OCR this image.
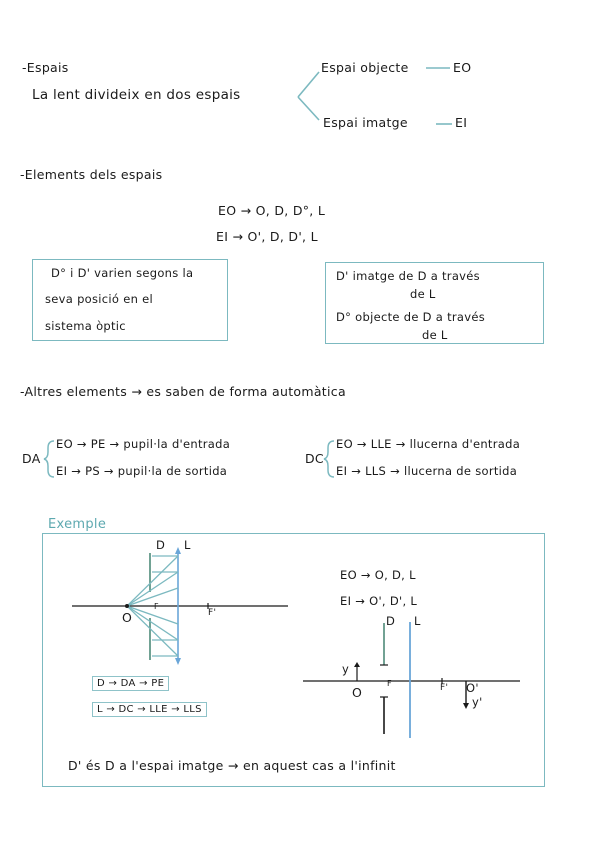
-Espais
La lent divideix en dos espais
Espai objecte	EO
Espai imatge	EI
-Elements dels espais
EO → O, D, D°, L
EI → O', D, D', L
D° i D' varien segons la
seva posició en el
sistema òptic
D' imatge de D a través
de L
D° objecte de D a través
de L
-Altres elements → es saben de forma automàtica
DA
EO → PE → pupil·la d'entrada
EI → PS → pupil·la de sortida
DC
EO → LLE → llucerna d'entrada
EI → LLS → llucerna de sortida
Exemple
D L
O
F
F'
D → DA → PE
L → DC → LLE → LLS
EO → O, D, L
EI → O', D', L
D L
y
O
F	F' O'
y'
D' és D a l'espai imatge → en aquest cas a l'infinit
